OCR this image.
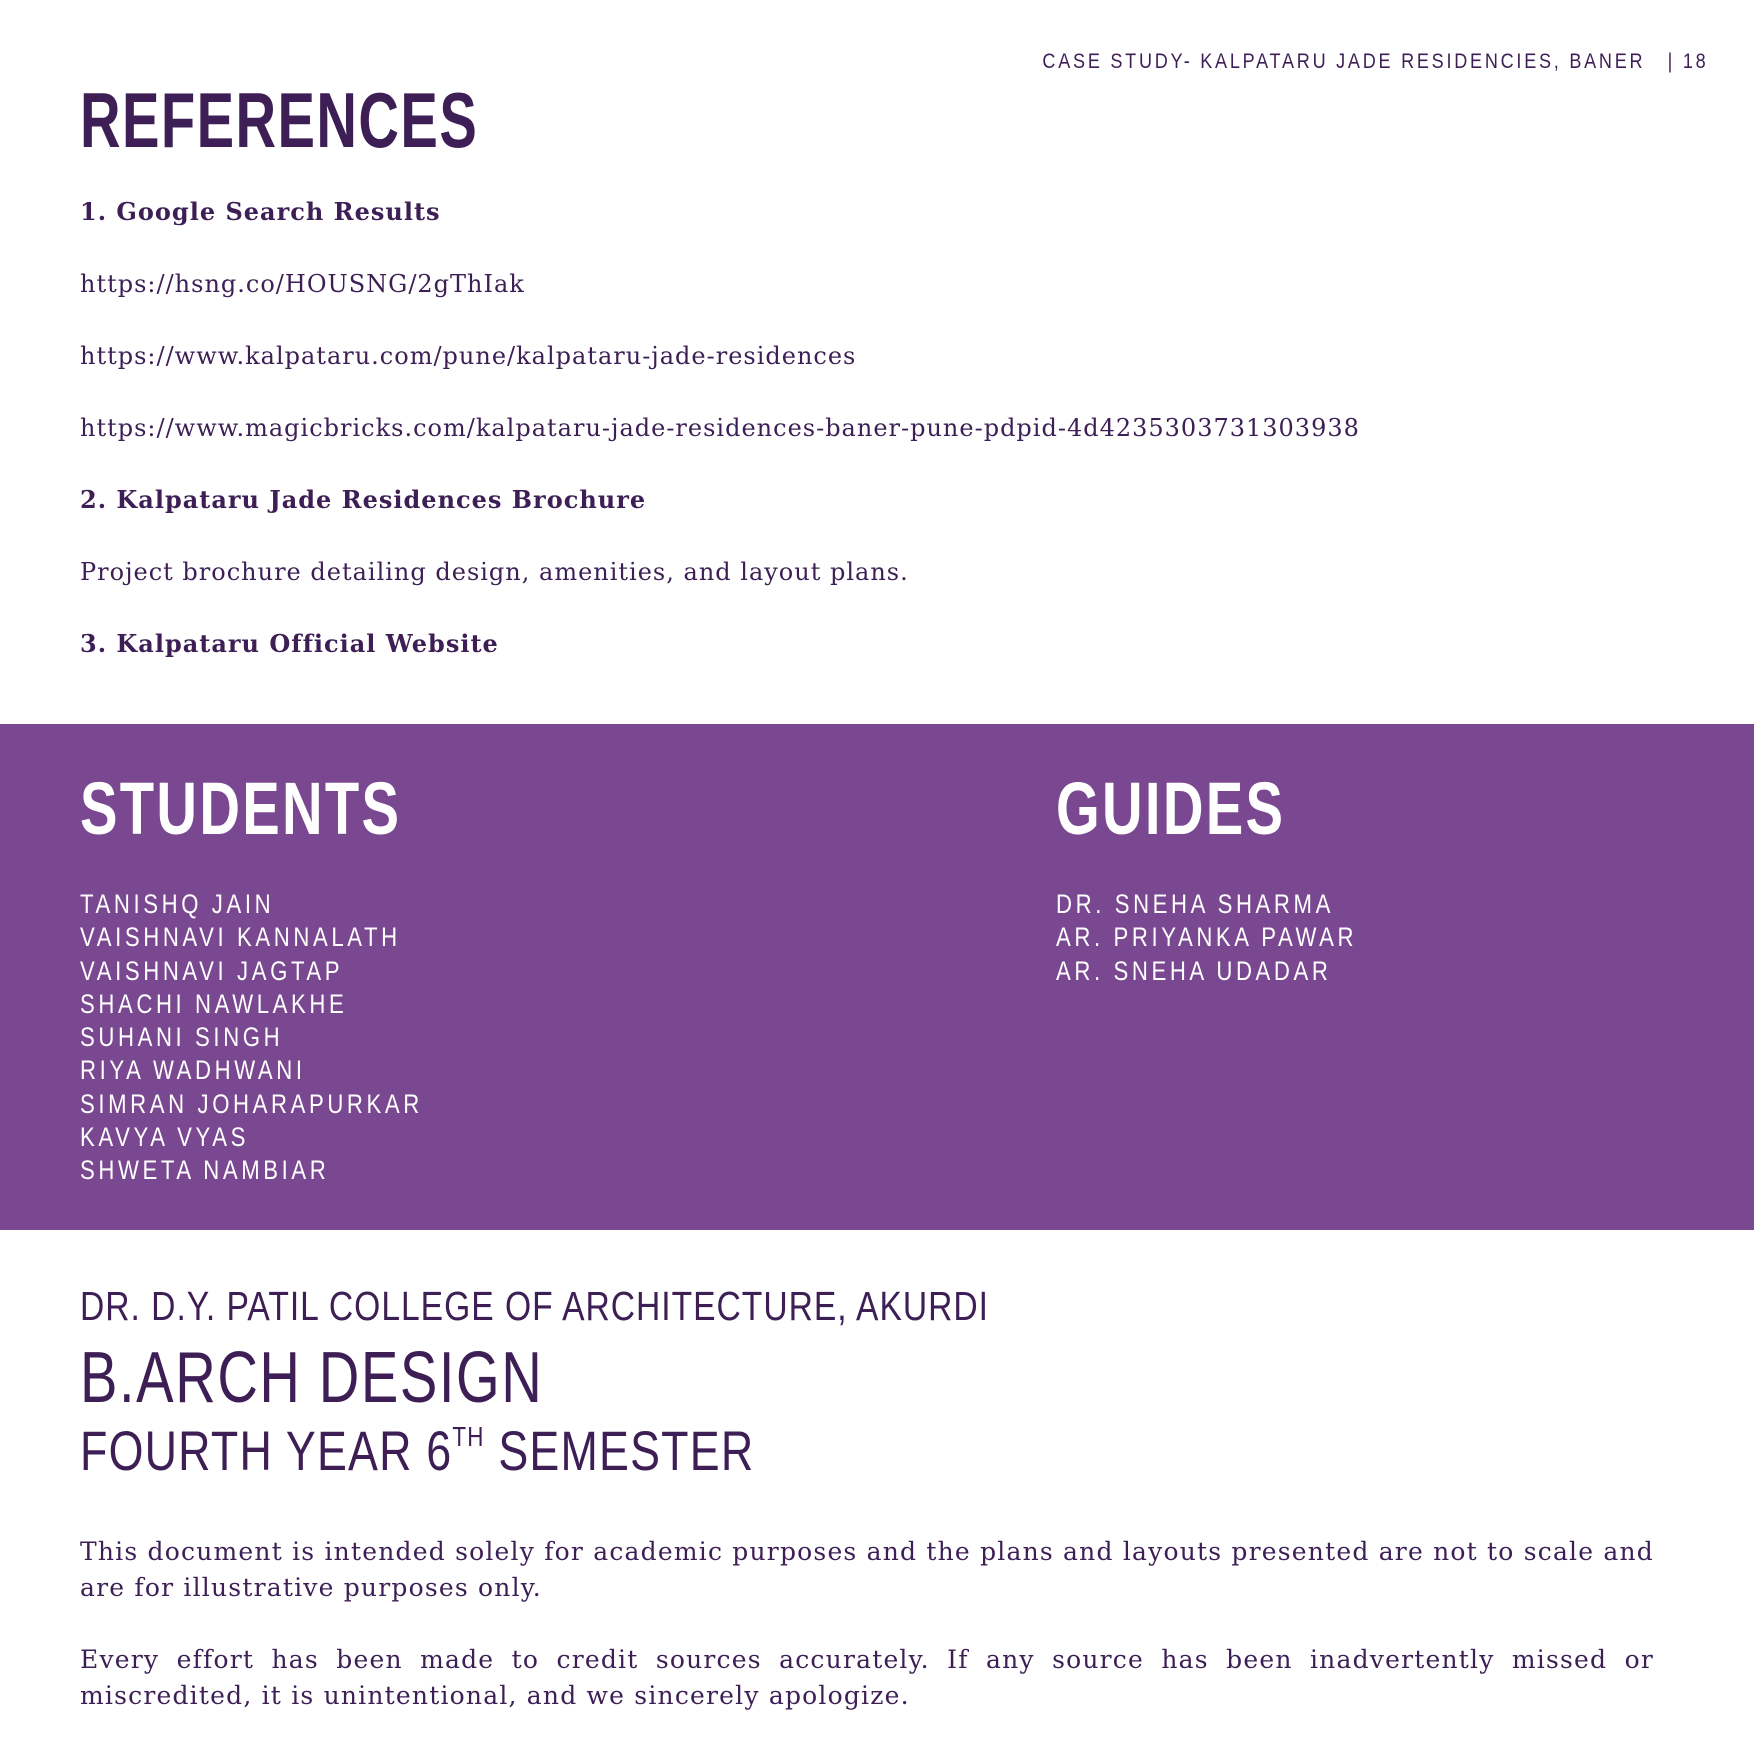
CASE STUDY- KALPATARU JADE RESIDENCIES, BANER | 18
REFERENCES
1. Google Search Results
https://hsng.co/HOUSNG/2gThIak
https://www.kalpataru.com/pune/kalpataru-jade-residences
https://www.magicbricks.com/kalpataru-jade-residences-baner-pune-pdpid-4d4235303731303938
2. Kalpataru Jade Residences Brochure
Project brochure detailing design, amenities, and layout plans.
3. Kalpataru Official Website
STUDENTS
TANISHQ JAIN
VAISHNAVI KANNALATH
VAISHNAVI JAGTAP
SHACHI NAWLAKHE
SUHANI SINGH
RIYA WADHWANI
SIMRAN JOHARAPURKAR
KAVYA VYAS
SHWETA NAMBIAR
GUIDES
DR. SNEHA SHARMA
AR. PRIYANKA PAWAR
AR. SNEHA UDADAR
DR. D.Y. PATIL COLLEGE OF ARCHITECTURE, AKURDI
B.ARCH DESIGN
FOURTH YEAR 6TH SEMESTER

This document is intended solely for academic purposes and the plans and layouts presented are not to scale and are for illustrative purposes only.

Every effort has been made to credit sources accurately. If any source has been inadvertently missed or miscredited, it is unintentional, and we sincerely apologize.
